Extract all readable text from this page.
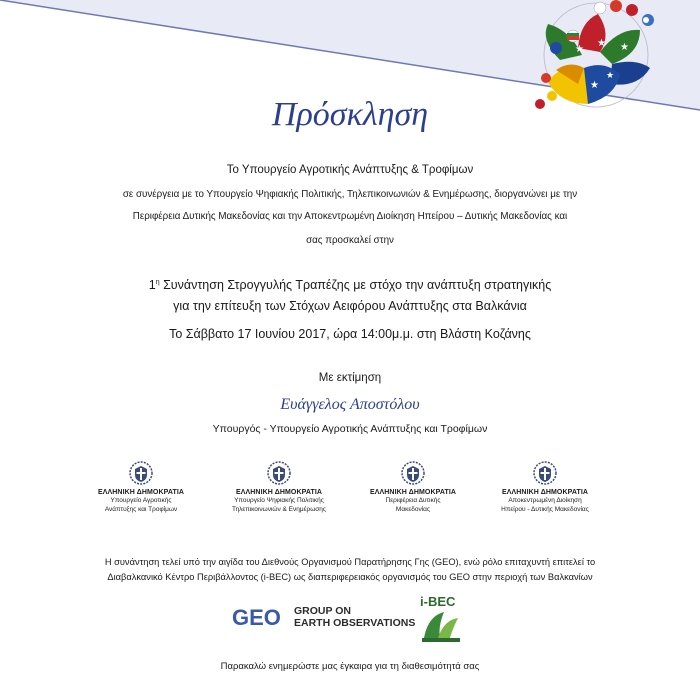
★
★ ★
★
★
Πρόσκληση
Το Υπουργείο Αγροτικής Ανάπτυξης & Τροφίμων
σε συνέργεια με το Υπουργείο Ψηφιακής Πολιτικής, Τηλεπικοινωνιών & Ενημέρωσης, διοργανώνει με την
Περιφέρεια Δυτικής Μακεδονίας και την Αποκεντρωμένη Διοίκηση Ηπείρου – Δυτικής Μακεδονίας και
σας προσκαλεί στην
$1^\eta$ Συνάντηση Στρογγυλής Τραπέζης με στόχο την ανάπτυξη στρατηγικής
για την επίτευξη των Στόχων Αειφόρου Ανάπτυξης στα Βαλκάνια
Το Σάββατο 17 Ιουνίου 2017, ώρα 14:00μ.μ. στη Βλάστη Κοζάνης
Με εκτίμηση
Ευάγγελος Αποστόλου
Υπουργός - Υπουργείο Αγροτικής Ανάπτυξης και Τροφίμων
ΕΛΛΗΝΙΚΗ ΔΗΜΟΚΡΑΤΙΑ
Υπουργείο Αγροτικής
Ανάπτυξης και Τροφίμων
ΕΛΛΗΝΙΚΗ ΔΗΜΟΚΡΑΤΙΑ
Υπουργείο Ψηφιακής Πολιτικής
Τηλεπικοινωνιών & Ενημέρωσης
ΕΛΛΗΝΙΚΗ ΔΗΜΟΚΡΑΤΙΑ
Περιφέρεια Δυτικής
Μακεδονίας
ΕΛΛΗΝΙΚΗ ΔΗΜΟΚΡΑΤΙΑ
Αποκεντρωμένη Διοίκηση
Ηπείρου - Δυτικής Μακεδονίας
Η συνάντηση τελεί υπό την αιγίδα του Διεθνούς Οργανισμού Παρατήρησης Γης (GEO), ενώ ρόλο επιταχυντή επιτελεί το
Διαβαλκανικό Κέντρο Περιβάλλοντος (i-BEC) ως διαπεριφερειακός οργανισμός του GEO στην περιοχή των Βαλκανίων
GEO GROUP ON
EARTH OBSERVATIONS
i-BEC
Παρακαλώ ενημερώστε μας έγκαιρα για τη διαθεσιμότητά σας
